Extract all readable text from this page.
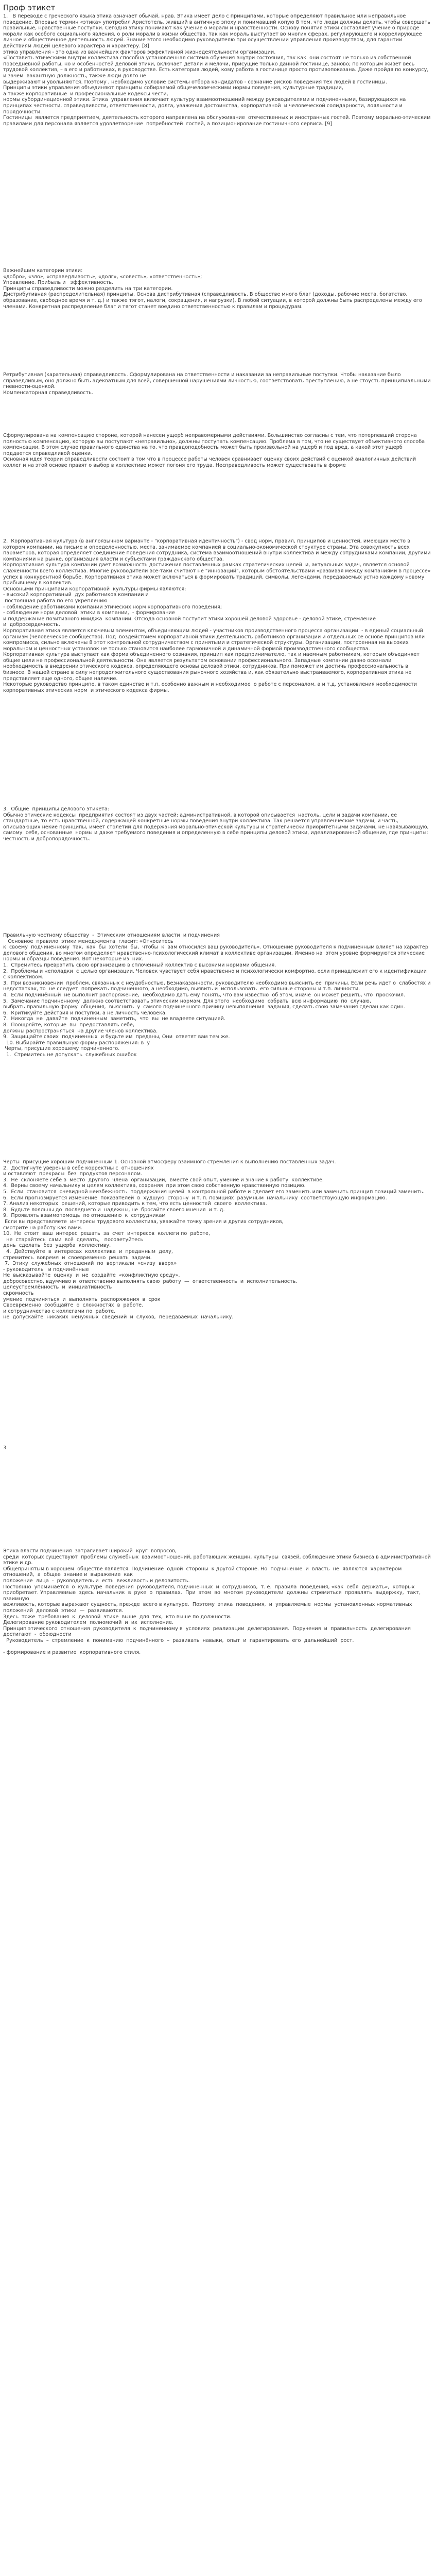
Проф этикет

1.   В переводе с греческого языка этика означает обычай, нрав. Этика имеет дело с принципами, которые определяют правильное или неправильное поведение. Впервые термин «этика» употребил Аристотель, живший в античную эпоху и понимавший копую 8 том, что люди должны делать, чтобы совершать правильные, нравственные поступки. Сегодня этику понимают как учение о морали и нравственности. Основу понятия этики составляет учение о природе морали как особого социального явления, о роли морали в жизни общества, так как мораль выступает во многих сферах, регулирующего и коррелирующее личное и общественное деятельность людей. Знание этого необходимо руководителю при осуществлении управления производством, для гарантии действиям людей целевого характера и характеру. [8]
этика управления - это одна из важнейших факторов эффективной жизнедеятельности организации.
«Поставить этическими внутри коллектива способна установленная система обучения внутри состояния, так как  они состоят не только из собственной повседневной работы, но и особенностей деловой этики, включает детали и мелочи, присущие только данной гостинице, заново; по которым живет весь трудовой коллектив, – в его и работниках, в руководстве. Есть категория людей, кому работа в гостинице просто противопоказана. Даже пройдя по конкурсу, и зачем  вакантную должность, также люди долго не
выдерживают и увольняются. Поэтому , необходимо условие системы отбора кандидатов - сознание рисков поведения тех людей в гостиницы.
Принципы этики управления объединяют принципы собираемой общечеловеческими нормы поведения, культурные традиции,
а также корпоративные  и профессиональные кодексы чести,
нормы субординационной этики. Этика  управления включает культуру взаимоотношений между руководителями и подчиненными, базирующихся на принципах честности, справедливости, ответственности, долга, уважения достоинства, корпоративной  и человеческой солидарности, лояльности и порядочности.
Гостиницы  является предприятием, деятельность которого направлена на обслуживание  отечественных и иностранных гостей. Поэтому морально-этическим правилами для персонала является удовлетворение  потребностей  гостей, а позиционирование гостиничного сервиса. [9]

Важнейшим категории этики:
«добро», «зло», «справедливость», «долг», «совесть», «ответственность»;
Управление. Прибыль и   эффективность.
Принципы справедливости можно разделить на три категории.
Дистрибутивная (распределительная) принципы. Основа дистрибутивная (справедливость. В обществе много благ (доходы, рабочие места, богатство, образование, свободное время и т. д.) и также тягот, налоги, сокращения, и нагрузки). В любой ситуации, в которой должны быть распределены между его членами. Конкретная распределение благ и тягот станет воедино ответственностью к правилам и процедурам.

Ретрибутивная (карательная) справедливость. Сформулирована на ответственности и наказании за неправильные поступки. Чтобы наказание было справедливым, оно должно быть адекватным для всей, совершенной нарушениями личностью, соответствовать преступлению, а не стоусть принципиальными гневности-оценкой.
Компенсаторная справедливость.

Сформулирована на компенсацию стороне, которой нанесен ущерб неправомерными действиями. Большинство согласны с тем, что потерпевший сторона полностью компенсацию, которую вы поступают «неправильно», должны поступать компенсацию. Проблема в том, что не существует объективного способа компенсации. В этом случае правильного единства на то, что правдоподобность может быть произвольной на ущерб и под вред, а какой этот ущерб поддается справедливой оценки.
Основная идея теории справедливости состоит в том что в процессе работы человек сравнивает оценку своих действий с оценкой аналогичных действий коллег и на этой основе правят о выбор в коллективе может погоня его труда. Несправедливость может существовать в форме

2.  Корпоративная культура (в англоязычном варианте - "корпоративная идентичность") - свод норм, правил, принципов и ценностей, имеющих место в котором компании, на письме и определенностью, места, занимаемое компанией в социально-экономической структуре страны. Эта совокупность всех параметров, которая определяет соединение поведения сотрудника, система взаимоотношений внутри коллектива и между сотрудниками компании, другими компаниями на рынке, организация власти и субъектами гражданского общества.
Корпоративная культура компании дает возможность достижения поставленных рамках стратегических целей  и, актуальных задач, является основой слаженности всего коллектива. Многие руководители все-таки считают не "инноваций", которым обстоятельствами «развивая между компаниями в процессе» успех в конкурентной борьбе. Корпоративная этика может включаться в формировать традиций, символы, легендами, передаваемых устно каждому новому прибывшему в коллектив.
Основными принципами корпоративной  культуры фирмы являются:
- высокий корпоративный  дух работников компании и
постоянная работа по его укреплению
- соблюдение работниками компании этических норм корпоративного поведения;
- соблюдение норм деловой  этики в компании,  - формирование
и поддержание позитивного имиджа  компании. Отсюда основной поступит этики хорошей деловой здоровье - деловой этике, стремление
и  добросердечность.
Корпоративная этика является ключевым элементом, объединяющим людей - участников производственного процесса организации  - в единый социальный организм (человеческое сообщество). Под  воздействием корпоративной этики деятельность работников организации и отдельных се основе принципов или компромисса, сильно включены 8 этот контрольной сотрудничеством с принятыми и стратегической структуры. Организации, построенная на высоких моральном и ценностных установок не только становится наиболее гармоничной и динамичной формой производственного сообщества.
Корпоративная культура выступает как форма объединенного сознания, принцип как предпринимателю, так и наемным работникам, которым объединяет общие цели не профессиональной деятельности. Она является результатом основании профессионального. Западные компании давно осознали необходимость в внедрении этического кодекса, определяющего основы деловой этики, сотрудников. При поможет им достичь профессиональность в бизнесе. В нашей стране в силу непродолжительного существования рыночного хозяйства и, как обязательно выстраиваемого, корпоративная этика не представляет еще одного, общее наличие.
Некоторые руководство принципе, в таком единстве и т.п. особенно важным и необходимое  о работе с персоналом. а и т.д. установления необходимости корпоративных этических норм  и этического кодекса фирмы.

3.  Общие  принципы делового этикета:
Обычно этические кодексы  предприятия состоят из двух частей: административной, в которой описывается  настоль, цели и задачи компании, ее стандартные, то есть нравственной, содержащей конкретные нормы поведения внутри коллектива. Так решается управленческие задачи, и часть, описывающих некие принципы, имеет столетий для подержания морально-этической культуры и стратегически приоритетными задачами, не навязывающую, самому  себя, основанные  нормы и даже требуемого поведения и определенную в себе принципы деловой этики, идеализированной общение, где принципы: честность и добропорядочность.

Правильную честному обществу  -  Этическим отношениям власти  и подчинения
Основное  правило  этики менеджмента  гласит: «Относитесь
к  своему  подчиненному  так,  как  бы  хотели  бы,  чтобы  к  вам относился ваш руководитель». Отношение руководителя к подчиненным влияет на характер делового общения, во многом определяет нравственно-психологический климат в коллективе организации. Именно на  этом уровне формируются этические нормы и образцы поведения. Вот некоторые из  них.
1.  Стремитесь превратить свою организацию в сплоченный коллектив с высокими нормами общения.
2.  Проблемы и неполадки  с целью организации. Человек чувствует себя нравственно и психологически комфортно, если принадлежит его к идентификации  с коллективом.
3.  При возникновении  проблем, связанных с неудобностью, Безнаказанности, руководителю необходимо выяснить ее  причины. Если речь идет о  слабостях и недостатках, то  не следует  попрекать подчиненного, а необходимо, выявить и  использовать  его сильные стороны и т.п. личности.
4.  Если подчинённый  не выполнит распоряжение,  необходимо дать ему понять, что вам известно  об этом, иначе  он может решить, что  проскочил.
5.  Замечание подчиненному  должно соответствовать этическим нормам. Для этого  необходимо  собрать  всю информацию  по  случаю,
выбрать правильную форму  общения,  выяснить  у  самого подчиненного причину невыполнения  задания, сделать свою замечания сделан как один.
6.  Критикуйте действия и поступки, а не личность человека.
7.  Никогда  не  давайте  подчиненным  заметить,  что  вы  не владеете ситуацией.
8.  Поощряйте, которые  вы  предоставлять себе,
должны распространяться  на другие членов коллектива.
9.  Защищайте своих  подчиненных  и будьте им  преданы, Они  ответят вам тем же.
10. Выбирайте правильную форму распоряжения: в  у
Черты, присущие хорошему подчиненного.
1.  Стремитесь не допускать  служебных ошибок

Черты  присущие хорошим подчиненным 1. Основной атмосферу взаимного стремления к выполнению поставленных задач.
2.  Достигнуте уверены в себе корректны с  отношениях
и оставляют  прекрасы  без  продуктов персоналом.
3.  Не  склоняете себе в  место  другого  члена  организации,  вместе свой опыт, умение и знание к работу  коллективе.
4.  Верны своему начальнику и целям коллектива, сохраняя  при этом свою собственную нравственную позицию.
5.  Если  становится  очевидной неизбежность  поддержания целей  в контрольной работе и сделает его заменить или заменить принцип позиций заменить.
6.  Если прогнозируется изменение  показателей  в  худшую  сторону  и т. п. позициях  разумным  начальнику  соответствующую информацию.
7. Анализ некоторых  решений, которые приводить к тем, что есть ценностей  своего  коллектива.
8.  Будьте лояльны до  последнего и  надежны, не  бросайте своего мнения  и т. д.
9.  Проявлять взаимопомощь  по отношению  к  сотрудникам
Если вы представляете  интересы трудового коллектива, уважайте точку зрения и других сотрудников,
смотрите на работу как вами.
10.  Не  стоит  ваш  интерес  решать  за  счет  интересов  коллеги по  работе,
не  старайтесь  сами  всё  сделать,   посоветуйтесь
день  сделать  без  ущерба  коллективу.
4.  Действуйте  в  интересах  коллектива  и  преданным  делу,
стремитесь  вовремя  и  своевременно  решать  задачи.
7.  Этику  служебных  отношений  по  вертикали  «снизу  вверх»
- руководитель   и подчинённые
Не  высказывайте  оценку  и  не  создайте  «конфликтную среду».
добросовестно, вдумчиво и  ответственно выполнять свою  работу  —  ответственность  и  исполнительность.
целеустремлённость  и  инициативность
скромность
умение  подчиняться  и  выполнять  распоряжения  в  срок
Своевременно  сообщайте  о  сложностях  в  работе.
и сотрудничество с коллегами по  работе.
не  допускайте  никаких  ненужных  сведений  и  слухов,  передаваемых  начальнику.

3

Этика власти подчинения  затрагивает широкий  круг  вопросов,
среди  которых существуют  проблемы служебных  взаимоотношений, работающих женщин, культуры  связей, соблюдение этики бизнеса в административной этике и др.
Общепринятым в хорошем  обществе является. Подчинение  одной  стороны  к другой стороне. Но  подчинение  и  власть  не  являются  характером  отношений,  а  общее  знание и  выражение  как
положение  лица  -  руководитель и  есть  вежливость и деловитость.
Постоянно  упоминается  о  культуре  поведения  руководителя, подчиненных  и  сотрудников,  т. е.  правила  поведения, «как  себя  держать»,  которых  приобретает. Управляемые  здесь  начальник  в  руке  о  правилах.  При  этом  во  многом  руководители  должны  стремиться  проявлять  выдержку,  такт, взаимную
вежливость, которые выражают сущность, прежде  всего в культуре.  Поэтому  этика  поведения,  и  управляемые  нормы  установленных нормативных  положений  деловой  этики  —  развиваются.
Здесь  тоже  требования  к  деловой  этике  выше  для  тех,  кто выше по должности.
Делегирование руководителем  полномочий  и  их  исполнение.
Принцип этического  отношения  руководителя  к  подчиненному в  условиях  реализации  делегирования.  Поручения  и  правильность  делегирования  достигают  -  обоюдности
Руководитель  –  стремление  к  пониманию  подчинённого  –  развивать  навыки,  опыт  и  гарантировать  его  дальнейший  рост.

- формирование и развитие  корпоративного стиля.
